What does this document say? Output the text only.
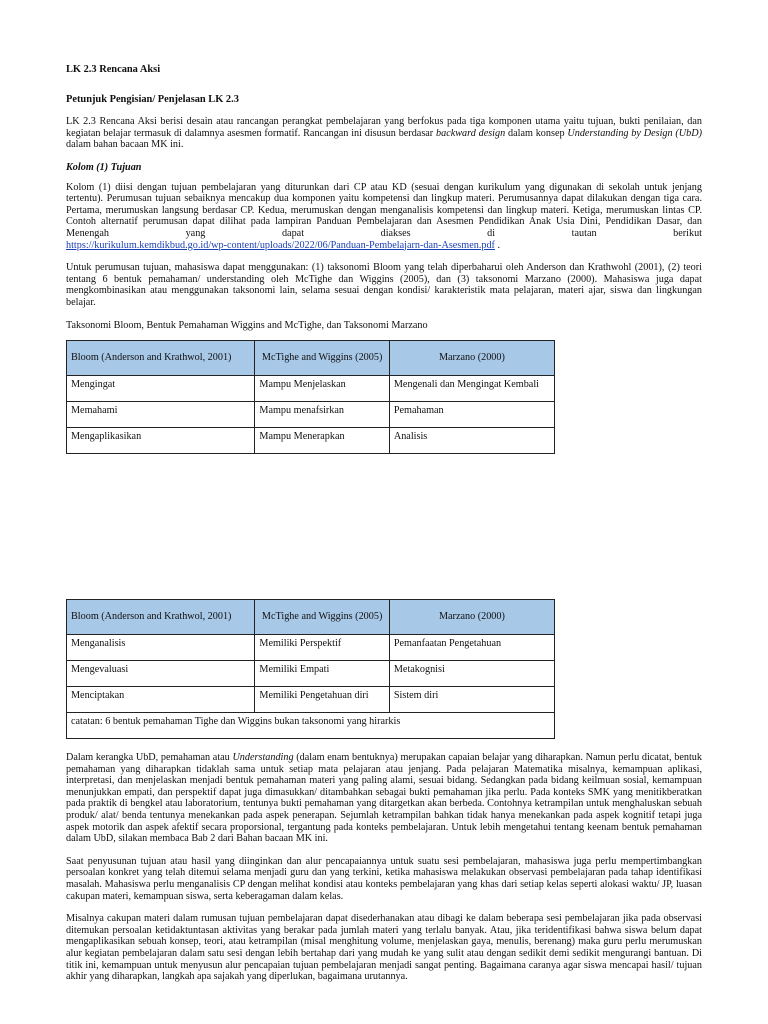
LK 2.3 Rencana Aksi

Petunjuk Pengisian/ Penjelasan LK 2.3

LK 2.3 Rencana Aksi berisi desain atau rancangan perangkat pembelajaran yang berfokus pada tiga komponen utama yaitu tujuan, bukti penilaian, dan kegiatan belajar termasuk di dalamnya asesmen formatif. Rancangan ini disusun berdasar backward design dalam konsep Understanding by Design (UbD) dalam bahan bacaan MK ini.

Kolom (1) Tujuan

Kolom (1) diisi dengan tujuan pembelajaran yang diturunkan dari CP atau KD (sesuai dengan kurikulum yang digunakan di sekolah untuk jenjang tertentu). Perumusan tujuan sebaiknya mencakup dua komponen yaitu kompetensi dan lingkup materi. Perumusannya dapat dilakukan dengan tiga cara. Pertama, merumuskan langsung berdasar CP. Kedua, merumuskan dengan menganalisis kompetensi dan lingkup materi. Ketiga, merumuskan lintas CP. Contoh alternatif perumusan dapat dilihat pada lampiran Panduan Pembelajaran dan Asesmen Pendidikan Anak Usia Dini, Pendidikan Dasar, dan Menengah yang dapat diakses di tautan berikut
https://kurikulum.kemdikbud.go.id/wp-content/uploads/2022/06/Panduan-Pembelajarn-dan-Asesmen.pdf .

Untuk perumusan tujuan, mahasiswa dapat menggunakan: (1) taksonomi Bloom yang telah diperbaharui oleh Anderson dan Krathwohl (2001), (2) teori tentang 6 bentuk pemahaman/ understanding oleh McTighe dan Wiggins (2005), dan (3) taksonomi Marzano (2000). Mahasiswa juga dapat mengkombinasikan atau menggunakan taksonomi lain, selama sesuai dengan kondisi/ karakteristik mata pelajaran, materi ajar, siswa dan lingkungan belajar.

Taksonomi Bloom, Bentuk Pemahaman Wiggins and McTighe, dan Taksonomi Marzano

Bloom (Anderson and Krathwol, 2001)	McTighe and Wiggins (2005)	Marzano (2000)
Mengingat	Mampu Menjelaskan	Mengenali dan Mengingat Kembali
Memahami	Mampu menafsirkan	Pemahaman
Mengaplikasikan	Mampu Menerapkan	Analisis
Bloom (Anderson and Krathwol, 2001)	McTighe and Wiggins (2005)	Marzano (2000)
Menganalisis	Memiliki Perspektif	Pemanfaatan Pengetahuan
Mengevaluasi	Memiliki Empati	Metakognisi
Menciptakan	Memiliki Pengetahuan diri	Sistem diri
catatan: 6 bentuk pemahaman Tighe dan Wiggins bukan taksonomi yang hirarkis		

Dalam kerangka UbD, pemahaman atau Understanding (dalam enam bentuknya) merupakan capaian belajar yang diharapkan. Namun perlu dicatat, bentuk pemahaman yang diharapkan tidaklah sama untuk setiap mata pelajaran atau jenjang. Pada pelajaran Matematika misalnya, kemampuan aplikasi, interpretasi, dan menjelaskan menjadi bentuk pemahaman materi yang paling alami, sesuai bidang. Sedangkan pada bidang keilmuan sosial, kemampuan menunjukkan empati, dan perspektif dapat juga dimasukkan/ ditambahkan sebagai bukti pemahaman jika perlu. Pada konteks SMK yang menitikberatkan pada praktik di bengkel atau laboratorium, tentunya bukti pemahaman yang ditargetkan akan berbeda. Contohnya ketrampilan untuk menghaluskan sebuah produk/ alat/ benda tentunya menekankan pada aspek penerapan. Sejumlah ketrampilan bahkan tidak hanya menekankan pada aspek kognitif tetapi juga aspek motorik dan aspek afektif secara proporsional, tergantung pada konteks pembelajaran. Untuk lebih mengetahui tentang keenam bentuk pemahaman dalam UbD, silakan membaca Bab 2 dari Bahan bacaan MK ini.

Saat penyusunan tujuan atau hasil yang diinginkan dan alur pencapaiannya untuk suatu sesi pembelajaran, mahasiswa juga perlu mempertimbangkan persoalan konkret yang telah ditemui selama menjadi guru dan yang terkini, ketika mahasiswa melakukan observasi pembelajaran pada tahap identifikasi masalah. Mahasiswa perlu menganalisis CP dengan melihat kondisi atau konteks pembelajaran yang khas dari setiap kelas seperti alokasi waktu/ JP, luasan cakupan materi, kemampuan siswa, serta keberagaman dalam kelas.

Misalnya cakupan materi dalam rumusan tujuan pembelajaran dapat disederhanakan atau dibagi ke dalam beberapa sesi pembelajaran jika pada observasi ditemukan persoalan ketidaktuntasan aktivitas yang berakar pada jumlah materi yang terlalu banyak. Atau, jika teridentifikasi bahwa siswa belum dapat mengaplikasikan sebuah konsep, teori, atau ketrampilan (misal menghitung volume, menjelaskan gaya, menulis, berenang) maka guru perlu merumuskan alur kegiatan pembelajaran dalam satu sesi dengan lebih bertahap dari yang mudah ke yang sulit atau dengan sedikit demi sedikit mengurangi bantuan. Di titik ini, kemampuan untuk menyusun alur pencapaian tujuan pembelajaran menjadi sangat penting. Bagaimana caranya agar siswa mencapai hasil/ tujuan akhir yang diharapkan, langkah apa sajakah yang diperlukan, bagaimana urutannya.
